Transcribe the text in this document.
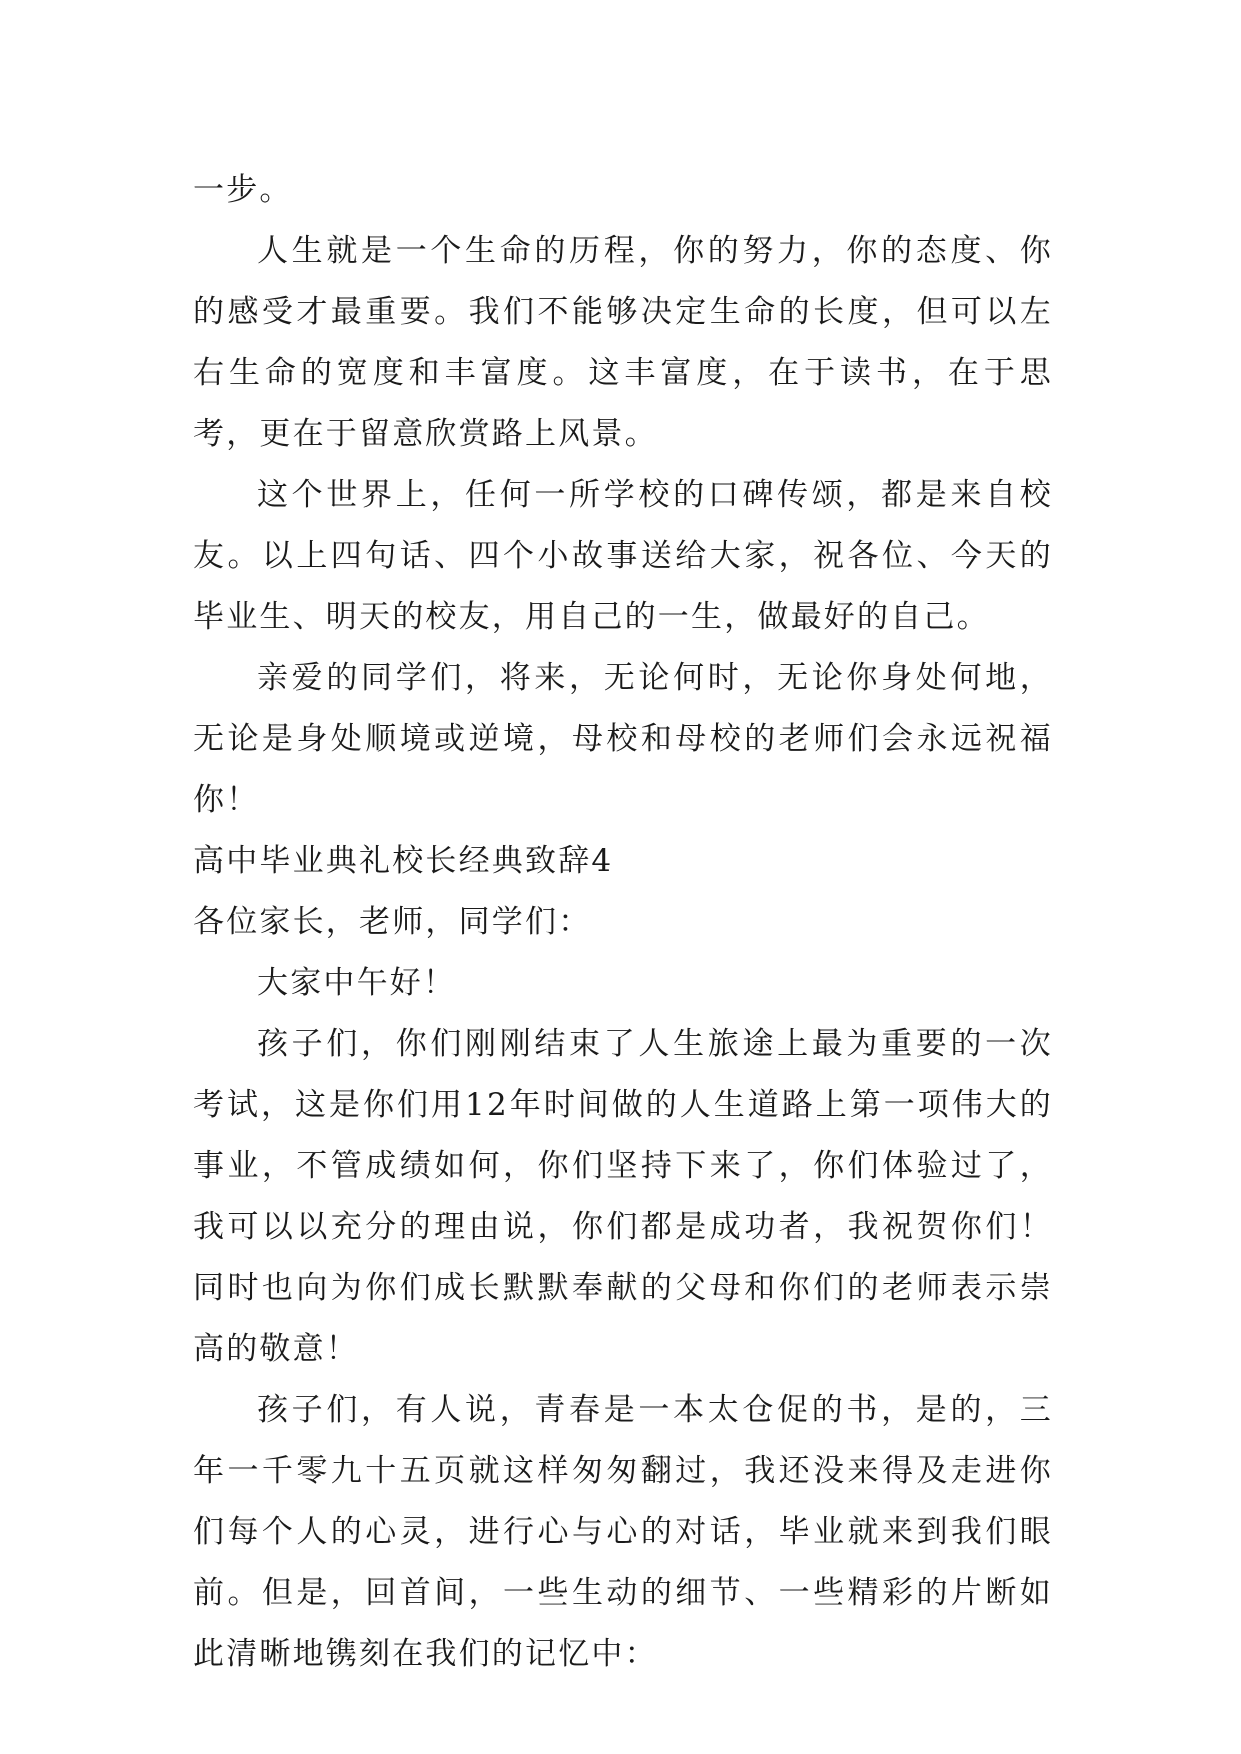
一步。

人生就是一个生命的历程，你的努力，你的态度、你的感受才最重要。我们不能够决定生命的长度，但可以左右生命的宽度和丰富度。这丰富度，在于读书，在于思考，更在于留意欣赏路上风景。

这个世界上，任何一所学校的口碑传颂，都是来自校友。以上四句话、四个小故事送给大家，祝各位、今天的毕业生、明天的校友，用自己的一生，做最好的自己。

亲爱的同学们，将来，无论何时，无论你身处何地，无论是身处顺境或逆境，母校和母校的老师们会永远祝福你！

高中毕业典礼校长经典致辞4

各位家长，老师，同学们：

大家中午好！

孩子们，你们刚刚结束了人生旅途上最为重要的一次考试，这是你们用12年时间做的人生道路上第一项伟大的事业，不管成绩如何，你们坚持下来了，你们体验过了，我可以以充分的理由说，你们都是成功者，我祝贺你们！同时也向为你们成长默默奉献的父母和你们的老师表示崇高的敬意！

孩子们，有人说，青春是一本太仓促的书，是的，三年一千零九十五页就这样匆匆翻过，我还没来得及走进你们每个人的心灵，进行心与心的对话，毕业就来到我们眼前。但是，回首间，一些生动的细节、一些精彩的片断如此清晰地镌刻在我们的记忆中：
